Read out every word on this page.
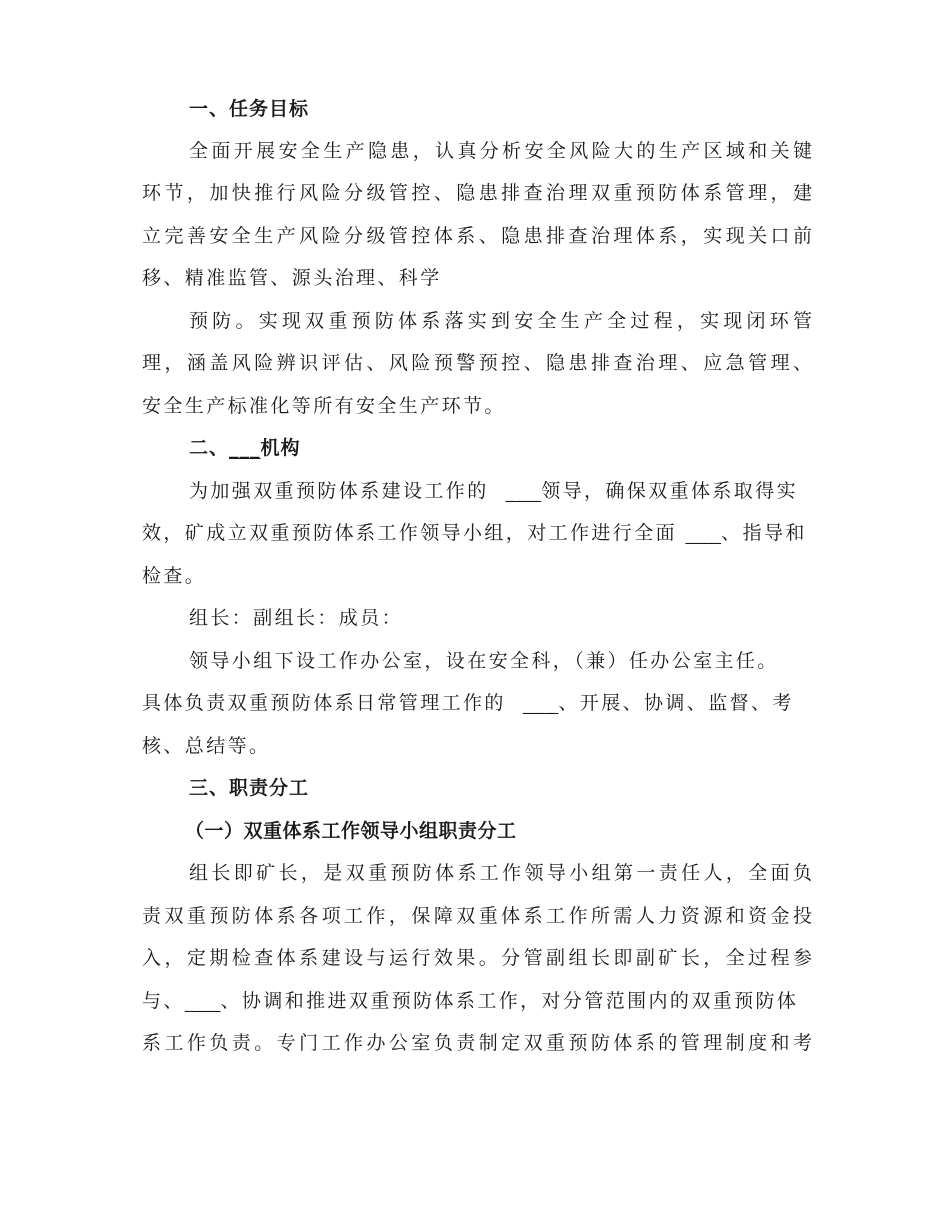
一、任务目标
全面开展安全生产隐患，认真分析安全风险大的生产区域和关键
环节，加快推行风险分级管控、隐患排查治理双重预防体系管理，建
立完善安全生产风险分级管控体系、隐患排查治理体系，实现关口前
移、精准监管、源头治理、科学
预防。实现双重预防体系落实到安全生产全过程，实现闭环管
理，涵盖风险辨识评估、风险预警预控、隐患排查治理、应急管理、
安全生产标准化等所有安全生产环节。
二、___机构
为加强双重预防体系建设工作的 ___领导，确保双重体系取得实
效，矿成立双重预防体系工作领导小组，对工作进行全面 ___、指导和
检查。
组长：副组长：成员：
领导小组下设工作办公室，设在安全科，（兼）任办公室主任。
具体负责双重预防体系日常管理工作的 ___、开展、协调、监督、考
核、总结等。
三、职责分工
（一）双重体系工作领导小组职责分工
组长即矿长，是双重预防体系工作领导小组第一责任人，全面负
责双重预防体系各项工作，保障双重体系工作所需人力资源和资金投
入，定期检查体系建设与运行效果。分管副组长即副矿长，全过程参
与、___、协调和推进双重预防体系工作，对分管范围内的双重预防体
系工作负责。专门工作办公室负责制定双重预防体系的管理制度和考
